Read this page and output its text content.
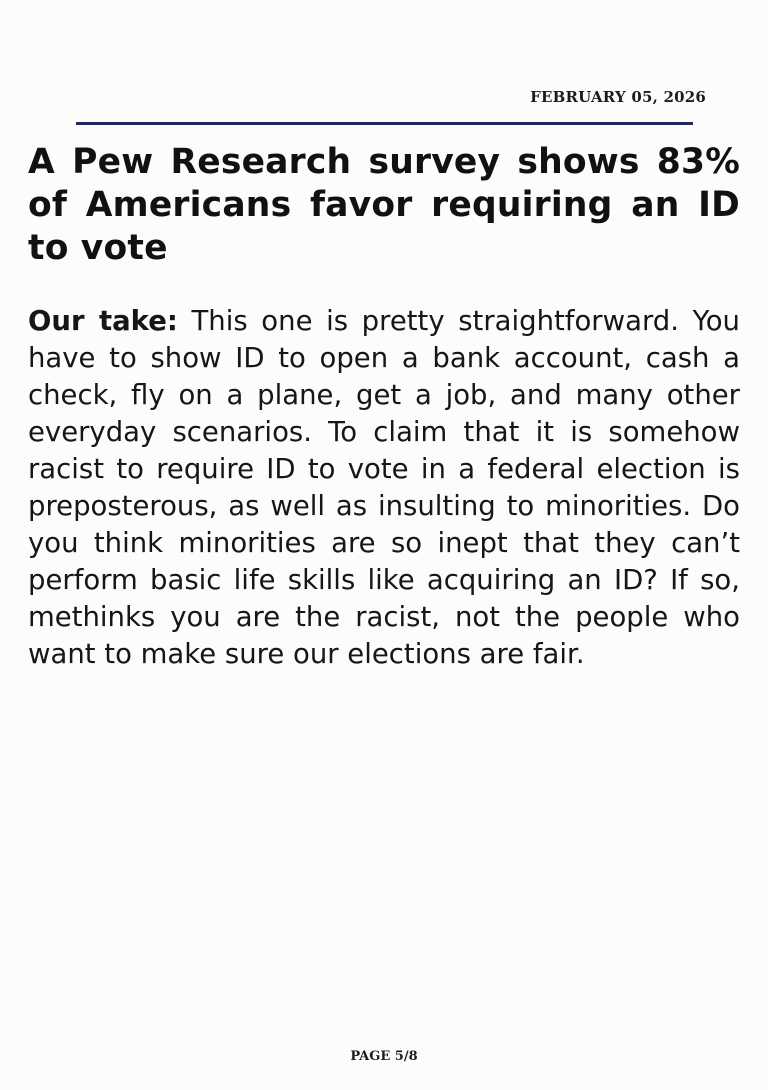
FEBRUARY 05, 2026
A Pew Research survey shows 83% of Americans favor requiring an ID to vote

Our take: This one is pretty straightforward. You have to show ID to open a bank account, cash a check, fly on a plane, get a job, and many other everyday scenarios. To claim that it is somehow racist to require ID to vote in a federal election is preposterous, as well as insulting to minorities. Do you think minorities are so inept that they can’t perform basic life skills like acquiring an ID? If so, methinks you are the racist, not the people who want to make sure our elections are fair.

PAGE 5/8
